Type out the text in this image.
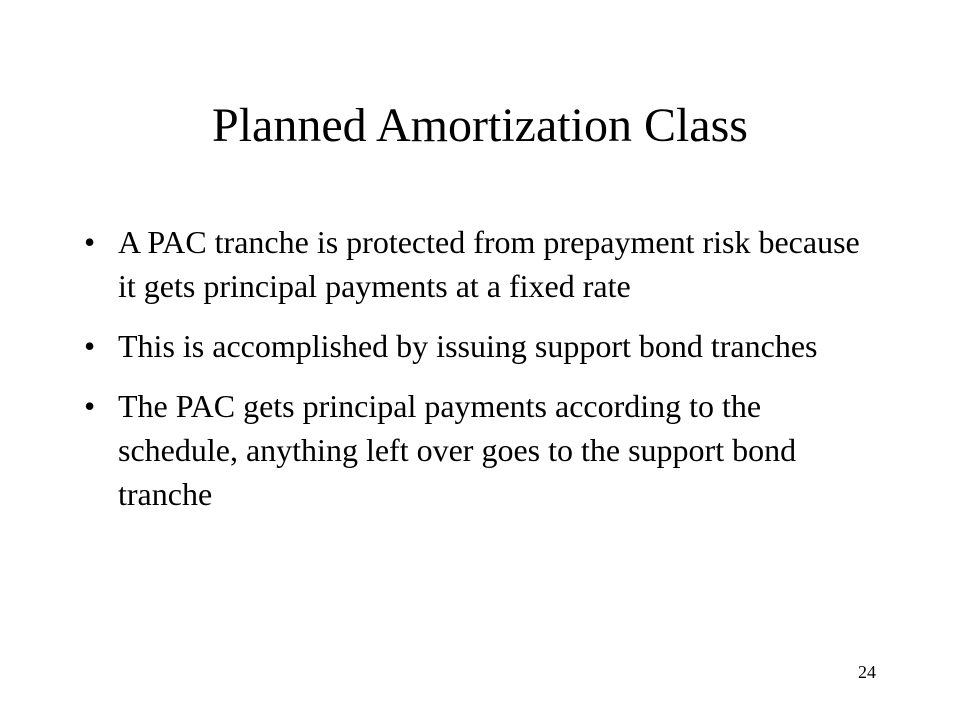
Planned Amortization Class
• A PAC tranche is protected from prepayment risk because it gets principal payments at a fixed rate
• This is accomplished by issuing support bond tranches
• The PAC gets principal payments according to the schedule, anything left over goes to the support bond tranche
24
